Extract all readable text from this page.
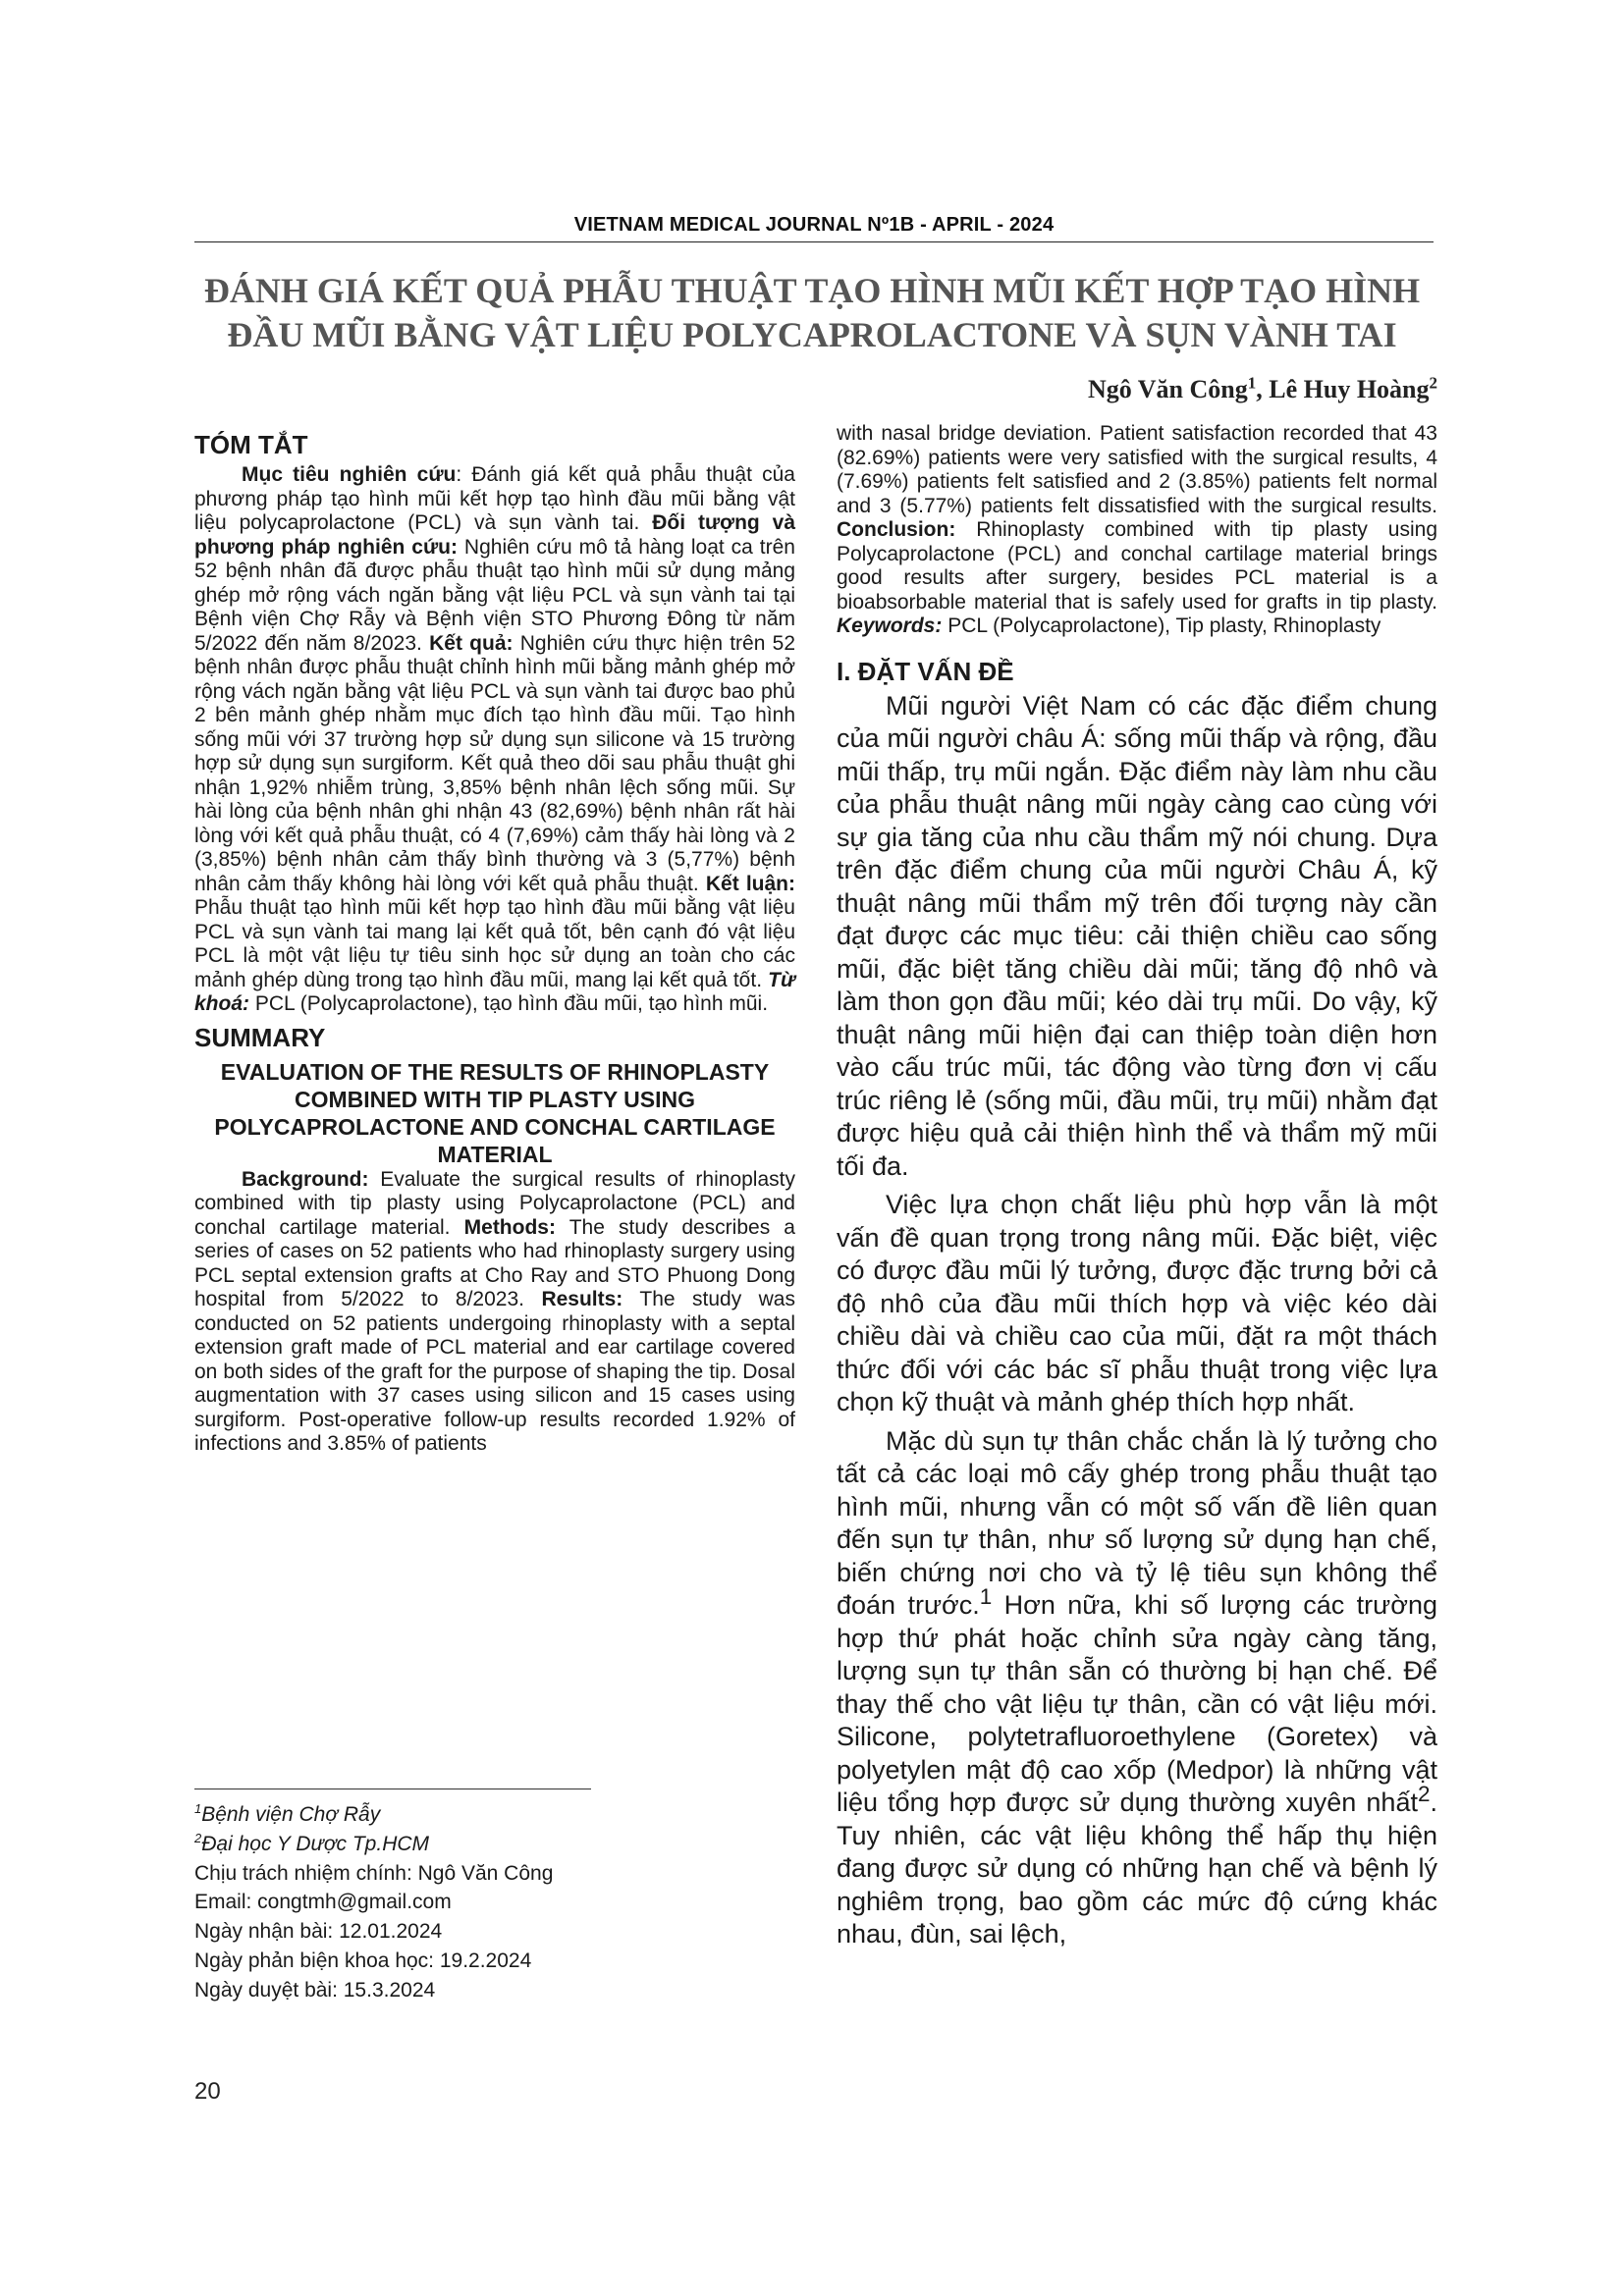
VIETNAM MEDICAL JOURNAL Nº1B - APRIL - 2024
ĐÁNH GIÁ KẾT QUẢ PHẪU THUẬT TẠO HÌNH MŨI KẾT HỢP TẠO HÌNH
ĐẦU MŨI BẰNG VẬT LIỆU POLYCAPROLACTONE VÀ SỤN VÀNH TAI
Ngô Văn Công$^1$, Lê Huy Hoàng$^2$
TÓM TẮT

Mục tiêu nghiên cứu: Đánh giá kết quả phẫu thuật của phương pháp tạo hình mũi kết hợp tạo hình đầu mũi bằng vật liệu polycaprolactone (PCL) và sụn vành tai. Đối tượng và phương pháp nghiên cứu: Nghiên cứu mô tả hàng loạt ca trên 52 bệnh nhân đã được phẫu thuật tạo hình mũi sử dụng mảng ghép mở rộng vách ngăn bằng vật liệu PCL và sụn vành tai tại Bệnh viện Chợ Rẫy và Bệnh viện STO Phương Đông từ năm 5/2022 đến năm 8/2023. Kết quả: Nghiên cứu thực hiện trên 52 bệnh nhân được phẫu thuật chỉnh hình mũi bằng mảnh ghép mở rộng vách ngăn bằng vật liệu PCL và sụn vành tai được bao phủ 2 bên mảnh ghép nhằm mục đích tạo hình đầu mũi. Tạo hình sống mũi với 37 trường hợp sử dụng sụn silicone và 15 trường hợp sử dụng sụn surgiform. Kết quả theo dõi sau phẫu thuật ghi nhận 1,92% nhiễm trùng, 3,85% bệnh nhân lệch sống mũi. Sự hài lòng của bệnh nhân ghi nhận 43 (82,69%) bệnh nhân rất hài lòng với kết quả phẫu thuật, có 4 (7,69%) cảm thấy hài lòng và 2 (3,85%) bệnh nhân cảm thấy bình thường và 3 (5,77%) bệnh nhân cảm thấy không hài lòng với kết quả phẫu thuật. Kết luận: Phẫu thuật tạo hình mũi kết hợp tạo hình đầu mũi bằng vật liệu PCL và sụn vành tai mang lại kết quả tốt, bên cạnh đó vật liệu PCL là một vật liệu tự tiêu sinh học sử dụng an toàn cho các mảnh ghép dùng trong tạo hình đầu mũi, mang lại kết quả tốt. Từ khoá: PCL (Polycaprolactone), tạo hình đầu mũi, tạo hình mũi.

SUMMARY
EVALUATION OF THE RESULTS OF RHINOPLASTY COMBINED WITH TIP PLASTY USING POLYCAPROLACTONE AND CONCHAL CARTILAGE MATERIAL

Background: Evaluate the surgical results of rhinoplasty combined with tip plasty using Polycaprolactone (PCL) and conchal cartilage material. Methods: The study describes a series of cases on 52 patients who had rhinoplasty surgery using PCL septal extension grafts at Cho Ray and STO Phuong Dong hospital from 5/2022 to 8/2023. Results: The study was conducted on 52 patients undergoing rhinoplasty with a septal extension graft made of PCL material and ear cartilage covered on both sides of the graft for the purpose of shaping the tip. Dosal augmentation with 37 cases using silicon and 15 cases using surgiform. Post-operative follow-up results recorded 1.92% of infections and 3.85% of patients

$^1$Bệnh viện Chợ Rẫy
$^2$Đại học Y Dược Tp.HCM
Chịu trách nhiệm chính: Ngô Văn Công
Email: congtmh@gmail.com
Ngày nhận bài: 12.01.2024
Ngày phản biện khoa học: 19.2.2024
Ngày duyệt bài: 15.3.2024

with nasal bridge deviation. Patient satisfaction recorded that 43 (82.69%) patients were very satisfied with the surgical results, 4 (7.69%) patients felt satisfied and 2 (3.85%) patients felt normal and 3 (5.77%) patients felt dissatisfied with the surgical results. Conclusion: Rhinoplasty combined with tip plasty using Polycaprolactone (PCL) and conchal cartilage material brings good results after surgery, besides PCL material is a bioabsorbable material that is safely used for grafts in tip plasty. Keywords: PCL (Polycaprolactone), Tip plasty, Rhinoplasty

I. ĐẶT VẤN ĐỀ

Mũi người Việt Nam có các đặc điểm chung của mũi người châu Á: sống mũi thấp và rộng, đầu mũi thấp, trụ mũi ngắn. Đặc điểm này làm nhu cầu của phẫu thuật nâng mũi ngày càng cao cùng với sự gia tăng của nhu cầu thẩm mỹ nói chung. Dựa trên đặc điểm chung của mũi người Châu Á, kỹ thuật nâng mũi thẩm mỹ trên đối tượng này cần đạt được các mục tiêu: cải thiện chiều cao sống mũi, đặc biệt tăng chiều dài mũi; tăng độ nhô và làm thon gọn đầu mũi; kéo dài trụ mũi. Do vậy, kỹ thuật nâng mũi hiện đại can thiệp toàn diện hơn vào cấu trúc mũi, tác động vào từng đơn vị cấu trúc riêng lẻ (sống mũi, đầu mũi, trụ mũi) nhằm đạt được hiệu quả cải thiện hình thể và thẩm mỹ mũi tối đa.

Việc lựa chọn chất liệu phù hợp vẫn là một vấn đề quan trọng trong nâng mũi. Đặc biệt, việc có được đầu mũi lý tưởng, được đặc trưng bởi cả độ nhô của đầu mũi thích hợp và việc kéo dài chiều dài và chiều cao của mũi, đặt ra một thách thức đối với các bác sĩ phẫu thuật trong việc lựa chọn kỹ thuật và mảnh ghép thích hợp nhất.

Mặc dù sụn tự thân chắc chắn là lý tưởng cho tất cả các loại mô cấy ghép trong phẫu thuật tạo hình mũi, nhưng vẫn có một số vấn đề liên quan đến sụn tự thân, như số lượng sử dụng hạn chế, biến chứng nơi cho và tỷ lệ tiêu sụn không thể đoán trước.$^1$ Hơn nữa, khi số lượng các trường hợp thứ phát hoặc chỉnh sửa ngày càng tăng, lượng sụn tự thân sẵn có thường bị hạn chế. Để thay thế cho vật liệu tự thân, cần có vật liệu mới. Silicone, polytetrafluoroethylene (Goretex) và polyetylen mật độ cao xốp (Medpor) là những vật liệu tổng hợp được sử dụng thường xuyên nhất$^2$. Tuy nhiên, các vật liệu không thể hấp thụ hiện đang được sử dụng có những hạn chế và bệnh lý nghiêm trọng, bao gồm các mức độ cứng khác nhau, đùn, sai lệch,

20
